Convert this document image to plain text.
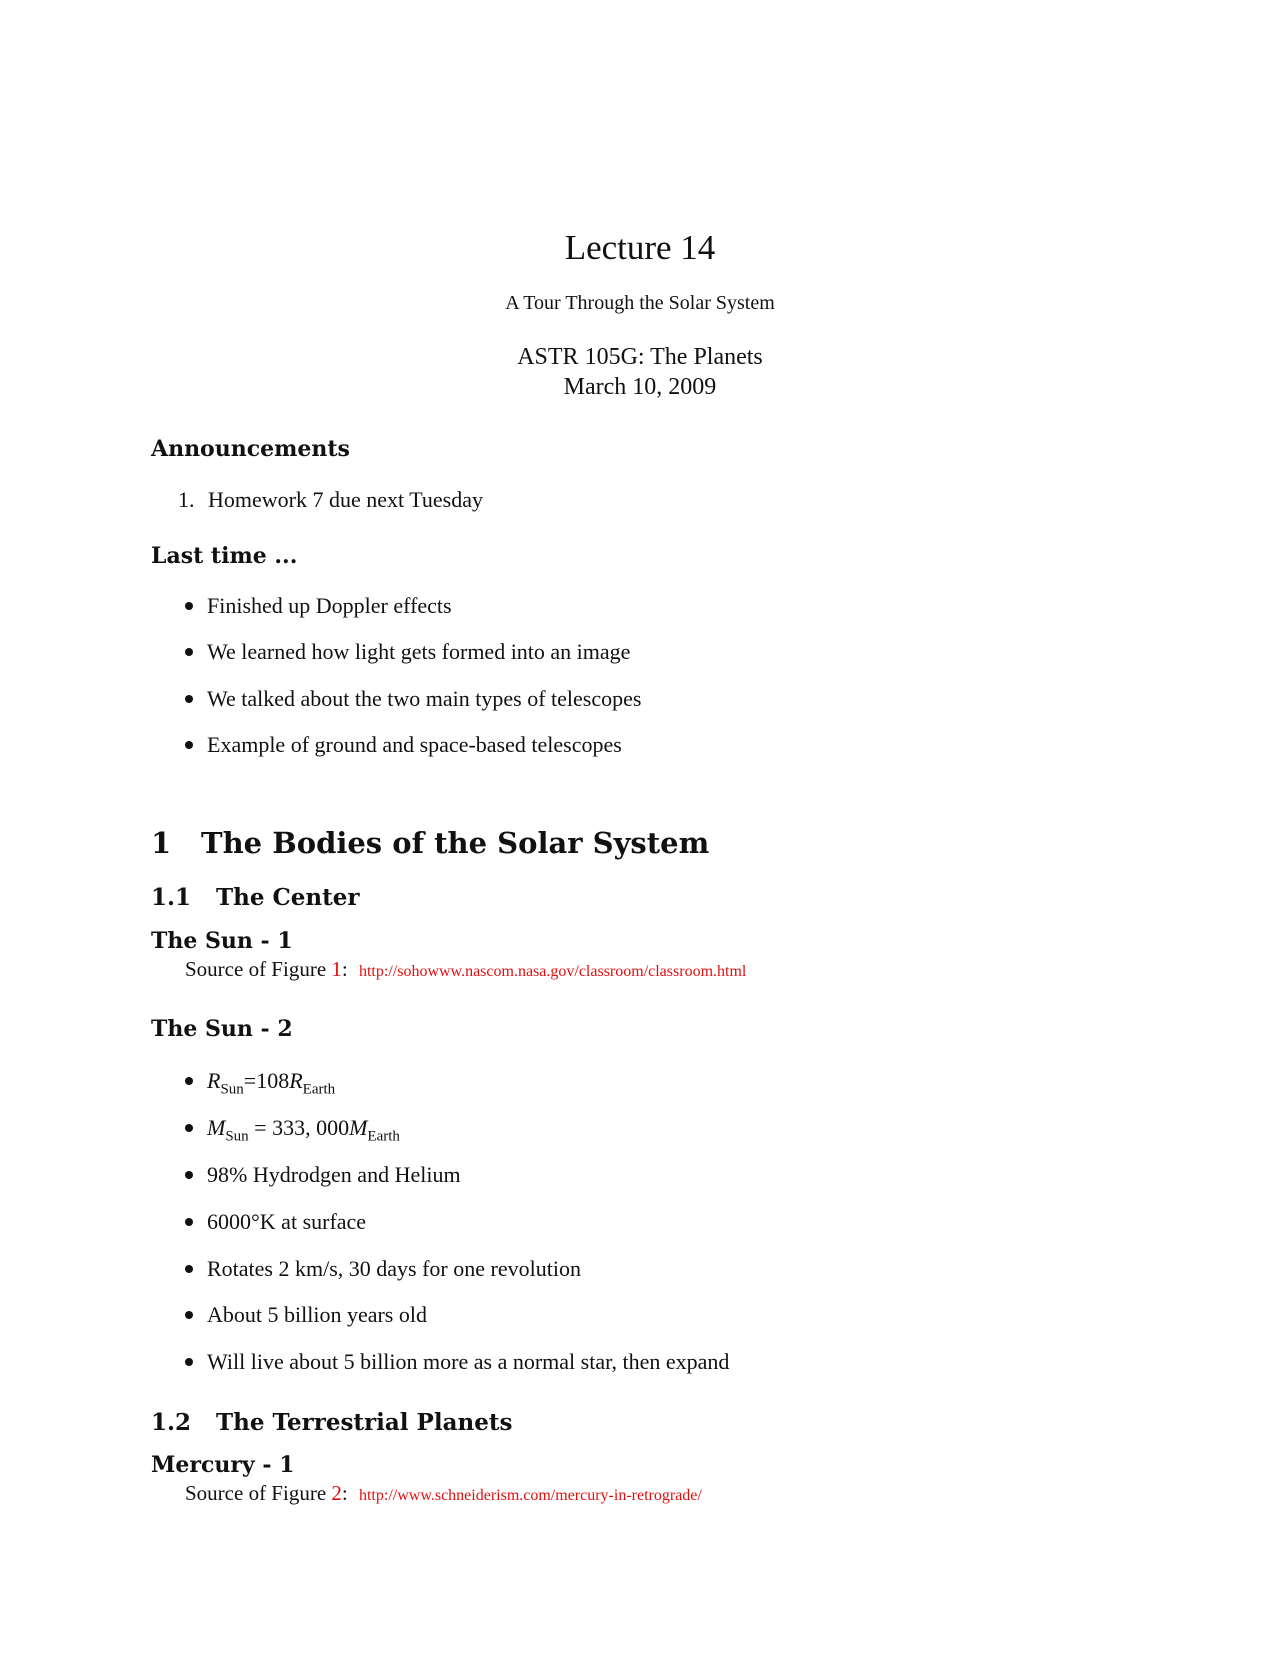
Lecture 14
A Tour Through the Solar System
ASTR 105G: The Planets
March 10, 2009
Announcements
1. Homework 7 due next Tuesday
Last time ...
Finished up Doppler effects
We learned how light gets formed into an image
We talked about the two main types of telescopes
Example of ground and space-based telescopes
1 The Bodies of the Solar System
1.1 The Center
The Sun - 1
Source of Figure 1: http://sohowww.nascom.nasa.gov/classroom/classroom.html
The Sun - 2
$R_{Sun}=108R_{Earth}$
$M_{Sun} = 333$, $000M_{Earth}$
98% Hydrodgen and Helium
6000°K at surface
Rotates 2 km/s, 30 days for one revolution
About 5 billion years old
Will live about 5 billion more as a normal star, then expand
1.2 The Terrestrial Planets
Mercury - 1
Source of Figure 2: http://www.schneiderism.com/mercury-in-retrograde/
